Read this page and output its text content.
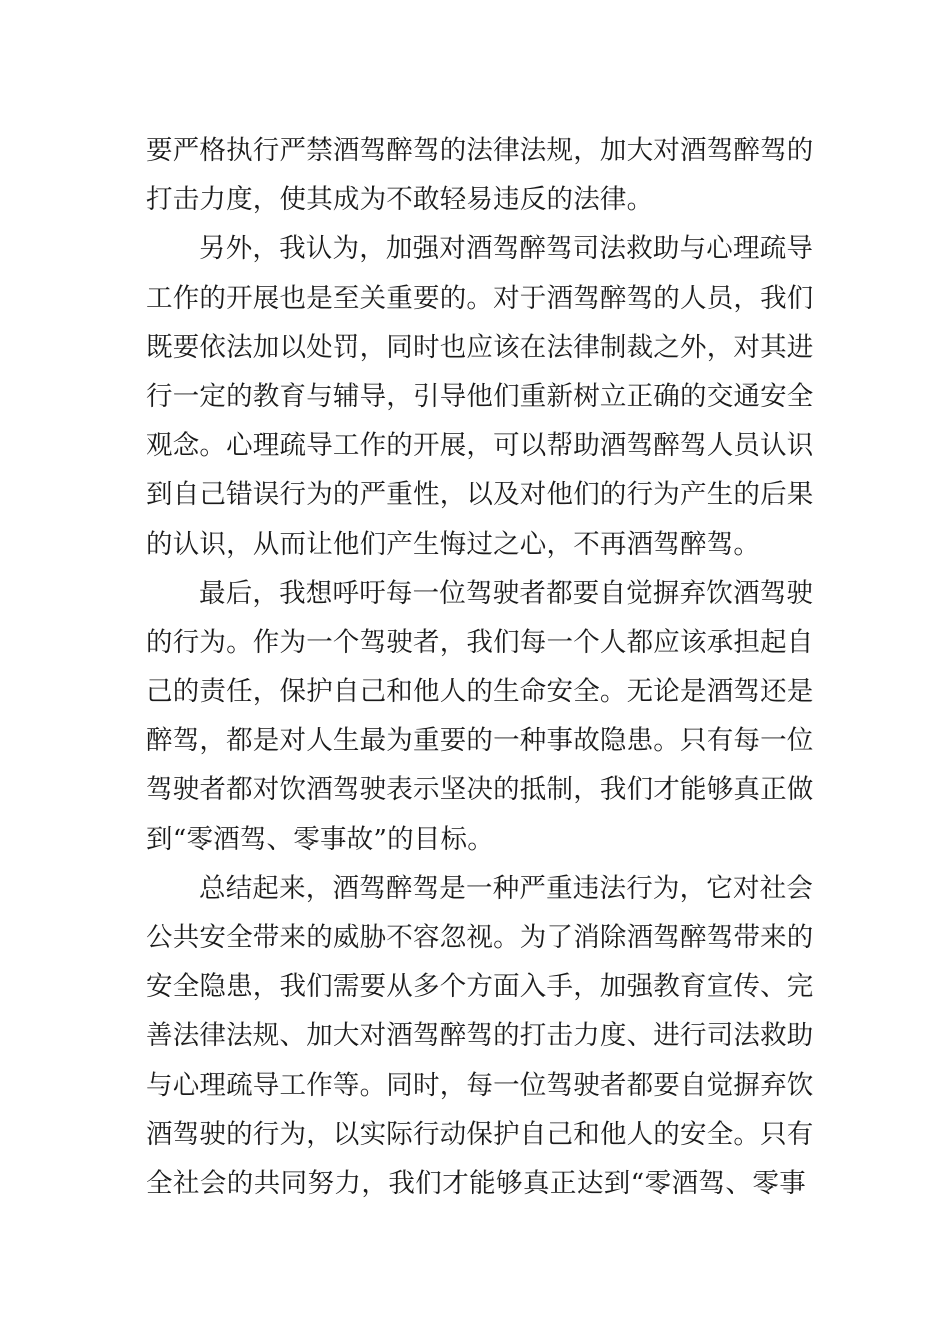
要严格执行严禁酒驾醉驾的法律法规，加大对酒驾醉驾的
打击力度，使其成为不敢轻易违反的法律。
另外，我认为，加强对酒驾醉驾司法救助与心理疏导
工作的开展也是至关重要的。对于酒驾醉驾的人员，我们
既要依法加以处罚，同时也应该在法律制裁之外，对其进
行一定的教育与辅导，引导他们重新树立正确的交通安全
观念。心理疏导工作的开展，可以帮助酒驾醉驾人员认识
到自己错误行为的严重性，以及对他们的行为产生的后果
的认识，从而让他们产生悔过之心，不再酒驾醉驾。
最后，我想呼吁每一位驾驶者都要自觉摒弃饮酒驾驶
的行为。作为一个驾驶者，我们每一个人都应该承担起自
己的责任，保护自己和他人的生命安全。无论是酒驾还是
醉驾，都是对人生最为重要的一种事故隐患。只有每一位
驾驶者都对饮酒驾驶表示坚决的抵制，我们才能够真正做
到“零酒驾、零事故”的目标。
总结起来，酒驾醉驾是一种严重违法行为，它对社会
公共安全带来的威胁不容忽视。为了消除酒驾醉驾带来的
安全隐患，我们需要从多个方面入手，加强教育宣传、完
善法律法规、加大对酒驾醉驾的打击力度、进行司法救助
与心理疏导工作等。同时，每一位驾驶者都要自觉摒弃饮
酒驾驶的行为，以实际行动保护自己和他人的安全。只有
全社会的共同努力，我们才能够真正达到“零酒驾、零事
